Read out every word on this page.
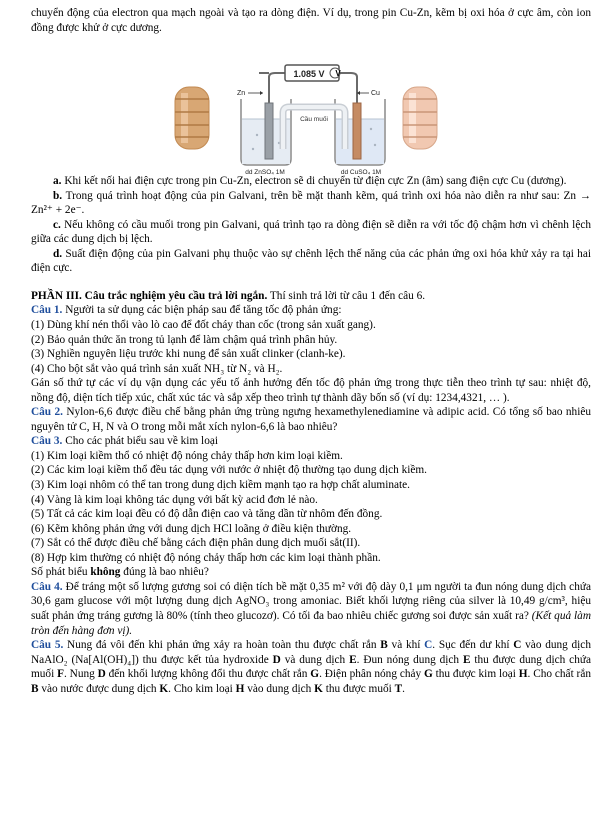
chuyển động của electron qua mạch ngoài và tạo ra dòng điện. Ví dụ, trong pin Cu-Zn, kẽm bị oxi hóa ở cực âm, còn ion đồng được khử ở cực dương.

V
1.085 V
Cầu muối
Zn	Cu
dd ZnSO₄ 1M	dd CuSO₄ 1M

a. Khi kết nối hai điện cực trong pin Cu-Zn, electron sẽ di chuyển từ điện cực Zn (âm) sang điện cực Cu (dương).

b. Trong quá trình hoạt động của pin Galvani, trên bề mặt thanh kẽm, quá trình oxi hóa nào diễn ra như sau: Zn → Zn²⁺ + 2e⁻.

c. Nếu không có cầu muối trong pin Galvani, quá trình tạo ra dòng điện sẽ diễn ra với tốc độ chậm hơn vì chênh lệch giữa các dung dịch bị lệch.

d. Suất điện động của pin Galvani phụ thuộc vào sự chênh lệch thế năng của các phản ứng oxi hóa khử xảy ra tại hai điện cực.

PHẦN III. Câu trắc nghiệm yêu cầu trả lời ngắn. Thí sinh trả lời từ câu 1 đến câu 6.

Câu 1. Người ta sử dụng các biện pháp sau để tăng tốc độ phản ứng:

(1) Dùng khí nén thổi vào lò cao để đốt cháy than cốc (trong sản xuất gang).

(2) Bảo quản thức ăn trong tủ lạnh để làm chậm quá trình phân hủy.

(3) Nghiền nguyên liệu trước khi nung để sản xuất clinker (clanh-ke).

(4) Cho bột sắt vào quá trình sản xuất NH₃ từ N₂ và H₂.

Gán số thứ tự các ví dụ vận dụng các yếu tố ảnh hưởng đến tốc độ phản ứng trong thực tiễn theo trình tự sau: nhiệt độ, nồng độ, diện tích tiếp xúc, chất xúc tác và sắp xếp theo trình tự thành dãy bốn số (ví dụ: 1234,4321, … ).

Câu 2. Nylon-6,6 được điều chế bằng phản ứng trùng ngưng hexamethylenediamine và adipic acid. Có tổng số bao nhiêu nguyên tử C, H, N và O trong mỗi mắt xích nylon-6,6 là bao nhiêu?

Câu 3. Cho các phát biểu sau về kim loại

(1) Kim loại kiềm thổ có nhiệt độ nóng chảy thấp hơn kim loại kiềm.

(2) Các kim loại kiềm thổ đều tác dụng với nước ở nhiệt độ thường tạo dung dịch kiềm.

(3) Kim loại nhôm có thể tan trong dung dịch kiềm mạnh tạo ra hợp chất aluminate.

(4) Vàng là kim loại không tác dụng với bất kỳ acid đơn lẻ nào.

(5) Tất cả các kim loại đều có độ dẫn điện cao và tăng dần từ nhôm đến đồng.

(6) Kẽm không phản ứng với dung dịch HCl loãng ở điều kiện thường.

(7) Sắt có thể được điều chế bằng cách điện phân dung dịch muối sắt(II).

(8) Hợp kim thường có nhiệt độ nóng chảy thấp hơn các kim loại thành phần.

Số phát biểu không đúng là bao nhiêu?

Câu 4. Để tráng một số lượng gương soi có diện tích bề mặt 0,35 m² với độ dày 0,1 μm người ta đun nóng dung dịch chứa 30,6 gam glucose với một lượng dung dịch AgNO₃ trong amoniac. Biết khối lượng riêng của silver là 10,49 g/cm³, hiệu suất phản ứng tráng gương là 80% (tính theo glucozơ). Có tối đa bao nhiêu chiếc gương soi được sản xuất ra? (Kết quả làm tròn đến hàng đơn vị).

Câu 5. Nung đá vôi đến khi phản ứng xảy ra hoàn toàn thu được chất rắn B và khí C. Sục đến dư khí C vào dung dịch NaAlO₂ (Na[Al(OH)₄]) thu được kết tủa hydroxide D và dung dịch E. Đun nóng dung dịch E thu được dung dịch chứa muối F. Nung D đến khối lượng không đổi thu được chất rắn G. Điện phân nóng chảy G thu được kim loại H. Cho chất rắn B vào nước được dung dịch K. Cho kim loại H vào dung dịch K thu được muối T.
